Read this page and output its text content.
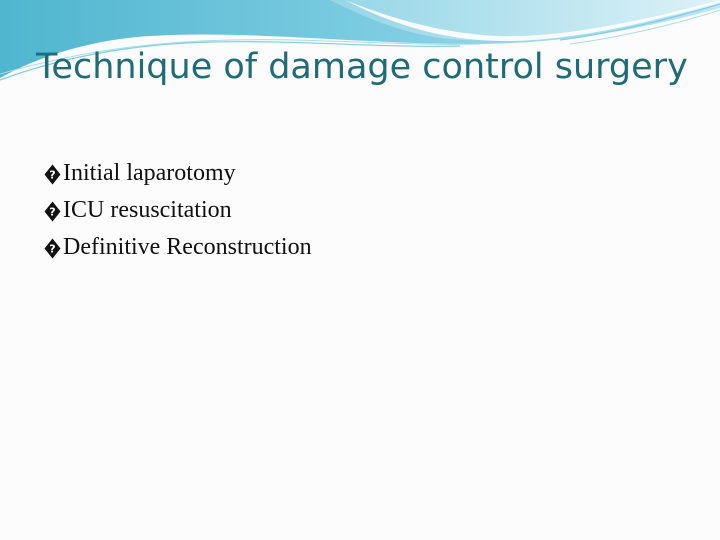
Technique of damage control surgery
? Initial laparotomy
? ICU resuscitation
? Definitive Reconstruction
